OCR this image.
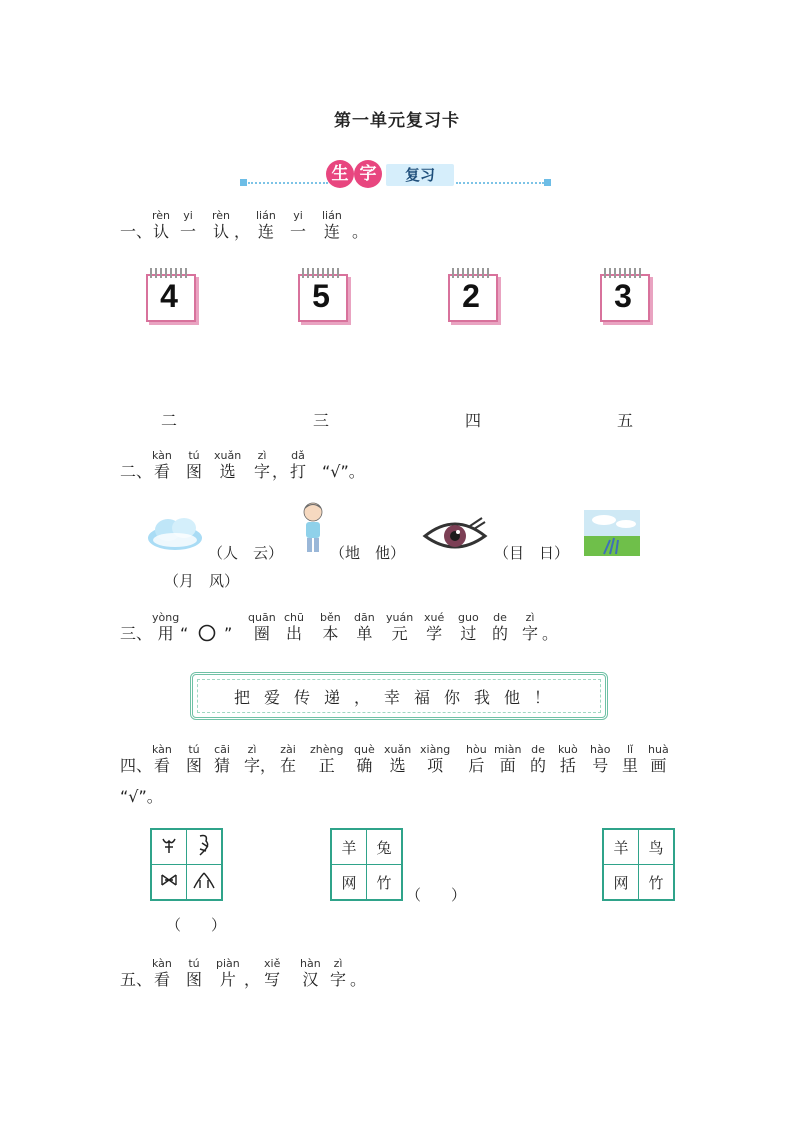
第一单元复习卡
生 字	复习
一、
rèn
认
yi
一
rèn
认 ，
lián
连
yi
一
lián
连 。
4	5	2	3
二	三	四	五
二、
kàn
看
tú
图
xuǎn
选
zì
字 ，
dǎ
打 “√”。
（人　云）	（地　他）	（目　日）
（月　风）
三、
yòng
用 “ ”
quān
圈
chū
出
běn
本
dān
单
yuán
元
xué
学
guo
过
de
的
zì
字 。
把爱传递，幸福你我他！
四、
kàn
看
tú
图
cāi
猜
zì
字 ，
zài
在
zhèng
正
què
确
xuǎn
选
xiàng
项
hòu
后
miàn
面
de
的
kuò
括
hào
号
lǐ
里
huà
画
“√”。

（　　）
羊	兔
网	竹
（　　）
羊	鸟
网	竹
五、
kàn
看
tú
图
piàn
片 ，
xiě
写
hàn
汉
zì
字 。
